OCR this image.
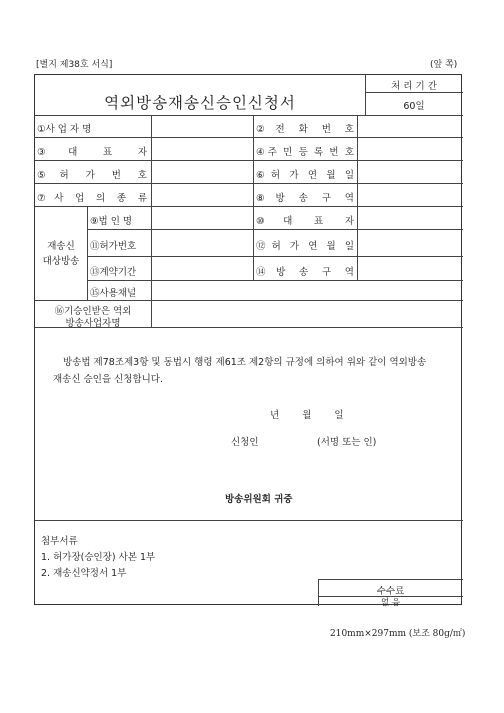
[별지 제38호 서식]	(앞 쪽)
역외방송재송신승인신청서
처 리 기 간
60일
①사 업 자 명	②전 화 번 호
③대 표 자	④주 민 등 록 번 호
⑤허 가 번 호	⑥허 가 연 월 일
⑦사 업 의 종 류	⑧방 송 구 역
재송신
대상방송
⑨법 인 명	⑩대 표 자
⑪허가번호	⑫허 가 연 월 일
⑬계약기간	⑭방 송 구 역
⑮사용채널
⑯기승인받은 역외
방송사업자명
방송법 제78조제3항 및 동법시 행령 제61조 제2항의 규정에 의하여 위와 같이 역외방송
재송신 승인을 신청합니다.
년 월 일
신청인	(서명 또는 인)
방송위원회 귀중
첨부서류
1. 허가장(승인장) 사본 1부
2. 재송신약정서 1부
수수료
없 음
210mm×297mm (보조 80g/㎡)
